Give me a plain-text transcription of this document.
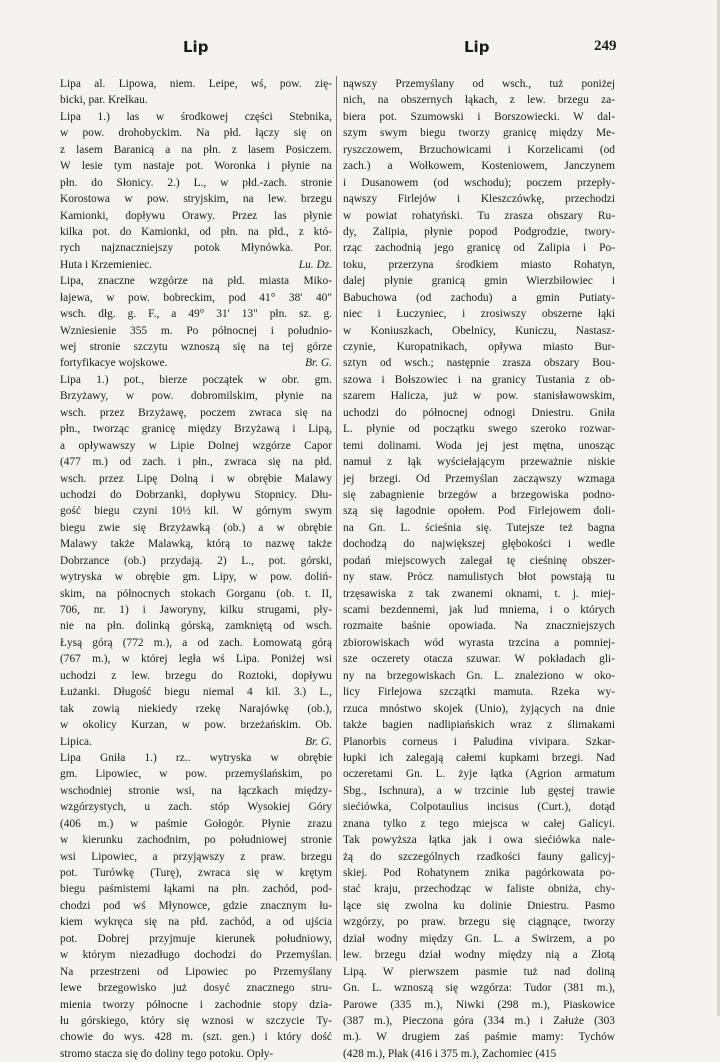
Lip	Lip	249
Lipa al. Lipowa, niem. Leipe, wś, pow. zię-
bicki, par. Krelkau.
Lipa 1.) las w środkowej części Stebnika,
w pow. drohobyckim. Na płd. łączy się on
z lasem Baranicą a na płn. z lasem Posiczem.
W lesie tym nastaje pot. Woronka i płynie na
płn. do Słonicy. 2.) L., w płd.-zach. stronie
Korostowa w pow. stryjskim, na lew. brzegu
Kamionki, dopływu Orawy. Przez las płynie
kilka pot. do Kamionki, od płn. na płd., z któ-
rych najznaczniejszy potok Młynówka. Por.
Huta i Krzemieniec.	Lu. Dz.
Lipa, znaczne wzgórze na płd. miasta Miko-
łajewa, w pow. bobreckim, pod 41° 38' 40"
wsch. dłg. g. F., a 49° 31' 13" płn. sz. g.
Wzniesienie 355 m. Po północnej i południo-
wej stronie szczytu wznoszą się na tej górze
fortyfikacye wojskowe.	Br. G.
Lipa 1.) pot., bierze początek w obr. gm.
Brzyżawy, w pow. dobromilskim, płynie na
wsch. przez Brzyżawę, poczem zwraca się na
płn., tworząc granicę między Brzyżawą i Lipą,
a opływawszy w Lipie Dolnej wzgórze Capor
(477 m.) od zach. i płn., zwraca się na płd.
wsch. przez Lipę Dolną i w obrębie Malawy
uchodzi do Dobrzanki, dopływu Stopnicy. Dłu-
gość biegu czyni 10½ kil. W górnym swym
biegu zwie się Brzyżawką (ob.) a w obrębie
Malawy także Malawką, którą to nazwę także
Dobrzance (ob.) przydają. 2) L., pot. górski,
wytryska w obrębie gm. Lipy, w pow. doliń-
skim, na północnych stokach Gorganu (ob. t. II,
706, nr. 1) i Jaworyny, kilku strugami, pły-
nie na płn. dolinką górską, zamkniętą od wsch.
Łysą górą (772 m.), a od zach. Łomowatą górą
(767 m.), w której legła wś Lipa. Poniżej wsi
uchodzi z lew. brzegu do Roztoki, dopływu
Łużanki. Długość biegu niemal 4 kil. 3.) L.,
tak zowią niekiedy rzekę Narajówkę (ob.),
w okolicy Kurzan, w pow. brzeżańskim. Ob.
Lipica.	Br. G.
Lipa Gniła 1.) rz.. wytryska w obrębie
gm. Lipowiec, w pow. przemyślańskim, po
wschodniej stronie wsi, na łączkach między-
wzgórzystych, u zach. stóp Wysokiej Góry
(406 m.) w paśmie Gołogór. Płynie zrazu
w kierunku zachodnim, po południowej stronie
wsi Lipowiec, a przyjąwszy z praw. brzegu
pot. Turówkę (Turę), zwraca się w krętym
biegu paśmistemi łąkami na płn. zachód, pod-
chodzi pod wś Młynowce, gdzie znacznym łu-
kiem wykręca się na płd. zachód, a od ujścia
pot. Dobrej przyjmuje kierunek południowy,
w którym niezadługo dochodzi do Przemyślan.
Na przestrzeni od Lipowiec po Przemyślany
lewe brzegowisko już dosyć znacznego stru-
mienia tworzy północne i zachodnie stopy dzia-
łu górskiego, który się wznosi w szczycie Ty-
chowie do wys. 428 m. (szt. gen.) i który dość
stromo stacza się do doliny tego potoku. Opły-
nąwszy Przemyślany od wsch., tuż poniżej
nich, na obszernych łąkach, z lew. brzegu za-
biera pot. Szumowski i Borszowiecki. W dal-
szym swym biegu tworzy granicę między Me-
ryszczowem, Brzuchowicami i Korzelicami (od
zach.) a Wołkowem, Kosteniowem, Janczynem
i Dusanowem (od wschodu); poczem przepły-
nąwszy Firlejów i Kleszczówkę, przechodzi
w powiat rohatyński. Tu zrasza obszary Ru-
dy, Zalipia, płynie popod Podgrodzie, twory-
rząc zachodnią jego granicę od Zalipia i Po-
toku, przerzyna środkiem miasto Rohatyn,
dalej płynie granicą gmin Wierzbiłowiec i
Babuchowa (od zachodu) a gmin Putiaty-
niec i Łuczyniec, i zrosiwszy obszerne łąki
w Koniuszkach, Obelnicy, Kuniczu, Nastasz-
czynie, Kuropatnikach, opływa miasto Bur-
sztyn od wsch.; następnie zrasza obszary Bou-
szowa i Bołszowiec i na granicy Tustania z ob-
szarem Halicza, już w pow. stanisławowskim,
uchodzi do północnej odnogi Dniestru. Gniła
L. płynie od początku swego szeroko rozwar-
temi dolinami. Woda jej jest mętna, unosząc
namuł z łąk wyściełającym przeważnie niskie
jej brzegi. Od Przemyślan zacząwszy wzmaga
się zabagnienie brzegów a brzegowiska podno-
szą się łagodnie opołem. Pod Firlejowem doli-
na Gn. L. ścieśnia się. Tutejsze też bagna
dochodzą do największej głębokości i wedle
podań miejscowych zalegał tę cieśninę obszer-
ny staw. Prócz namulistych błot powstają tu
trzęsawiska z tak zwanemi oknami, t. j. miej-
scami bezdennemi, jak lud mniema, i o których
rozmaite baśnie opowiada. Na znaczniejszych
zbiorowiskach wód wyrasta trzcina a pomniej-
sze oczerety otacza szuwar. W pokładach gli-
ny na brzegowiskach Gn. L. znaleziono w oko-
licy Firlejowa szczątki mamuta. Rzeka wy-
rzuca mnóstwo skojek (Unio), żyjących na dnie
także bagien nadlipiańskich wraz z ślimakami
Planorbis corneus i Paludina vivipara. Szkar-
łupki ich zalegają całemi kupkami brzegi. Nad
oczeretami Gn. L. żyje łątka (Agrion armatum
Sbg., Ischnura), a w trzcinie lub gęstej trawie
siećiówka, Colpotaulius incisus (Curt.), dotąd
znana tylko z tego miejsca w całej Galicyi.
Tak powyższa łątka jak i owa siećiówka nale-
żą do szczególnych rzadkości fauny galicyj-
skiej. Pod Rohatynem znika pagórkowata po-
stać kraju, przechodząc w faliste obniża, chy-
lące się zwolna ku dolinie Dniestru. Pasmo
wzgórzy, po praw. brzegu się ciągnące, tworzy
dział wodny między Gn. L. a Swirzem, a po
lew. brzegu dział wodny między nią a Złotą
Lipą. W pierwszem pasmie tuż nad doliną
Gn. L. wznoszą się wzgórza: Tudor (381 m.),
Parowe (335 m.), Niwki (298 m.), Piaskowice
(387 m.), Pieczona góra (334 m.) i Załuże (303
m.). W drugiem zaś paśmie mamy: Tychów
(428 m.), Płak (416 i 375 m.), Zachomiec (415
